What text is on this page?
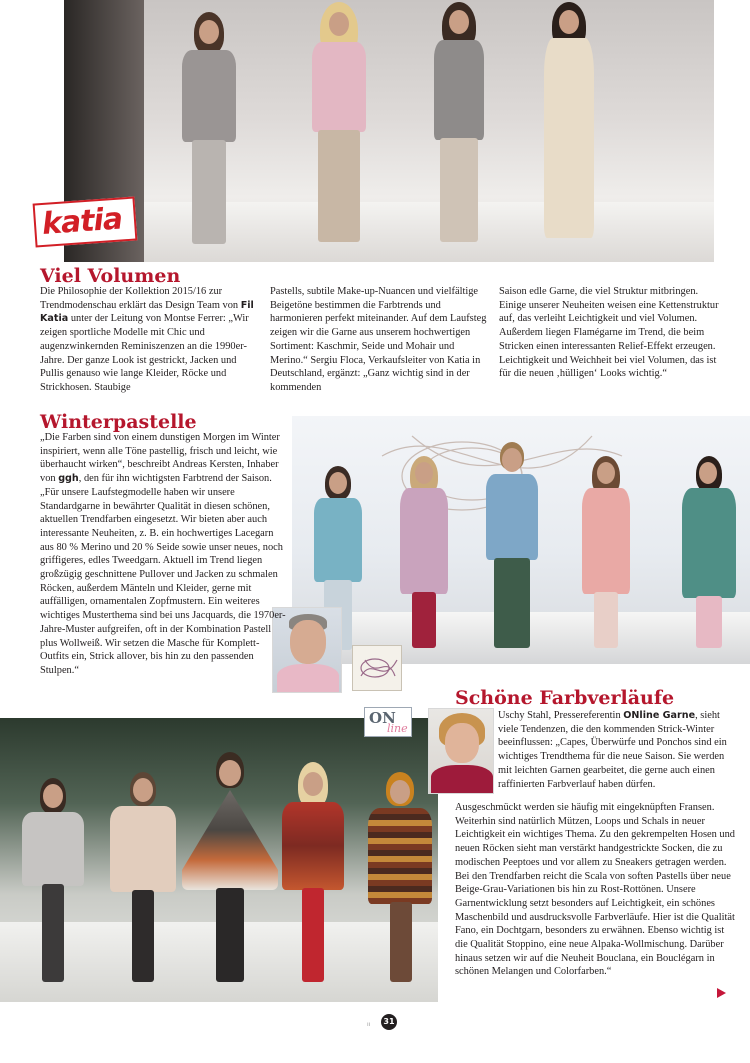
katia
Viel Volumen

Die Philosophie der Kollektion 2015/16 zur Trendmodenschau erklärt das Design Team von Fil Katia unter der Leitung von Montse Ferrer: „Wir zeigen sportliche Modelle mit Chic und augenzwinkernden Reminiszenzen an die 1990er-Jahre. Der ganze Look ist gestrickt, Jacken und Pullis genauso wie lange Kleider, Röcke und Strickhosen. Staubige

Pastells, subtile Make-up-Nuancen und vielfältige Beigetöne bestimmen die Farbtrends und harmonieren perfekt miteinander. Auf dem Laufsteg zeigen wir die Garne aus unserem hochwertigen Sortiment: Kaschmir, Seide und Mohair und Merino.“ Sergiu Floca, Verkaufsleiter von Katia in Deutschland, ergänzt: „Ganz wichtig sind in der kommenden

Saison edle Garne, die viel Struktur mitbringen. Einige unserer Neuheiten weisen eine Kettenstruktur auf, das verleiht Leichtigkeit und viel Volumen. Außerdem liegen Flamégarne im Trend, die beim Stricken einen interessanten Relief-Effekt erzeugen. Leichtigkeit und Weichheit bei viel Volumen, das ist für die neuen ‚hülligen‘ Looks wichtig.“

Winterpastelle

„Die Farben sind von einem dunstigen Morgen im Winter inspiriert, wenn alle Töne pastellig, frisch und leicht, wie überhaucht wirken“, beschreibt Andreas Kersten, Inhaber von ggh, den für ihn wichtigsten Farbtrend der Saison. „Für unsere Laufstegmodelle haben wir unsere Standardgarne in bewährter Qualität in diesen schönen, aktuellen Trendfarben eingesetzt. Wir bieten aber auch interessante Neuheiten, z. B. ein hochwertiges Lacegarn aus 80 % Merino und 20 % Seide sowie unser neues, noch griffigeres, edles Tweedgarn. Aktuell im Trend liegen großzügig geschnittene Pullover und Jacken zu schmalen Röcken, außerdem Mänteln und Kleider, gerne mit auffälligen, ornamentalen Zopfmustern. Ein weiteres wichtiges Musterthema sind bei uns Jacquards, die 1970er-Jahre-Muster aufgreifen, oft in der Kombination Pastell plus Wollweiß. Wir setzen die Masche für Komplett-Outfits ein, Strick allover, bis hin zu den passenden Stulpen.“

ON
line
Schöne Farbverläufe

Uschy Stahl, Pressereferentin ONline Garne, sieht viele Tendenzen, die den kommenden Strick-Winter beeinflussen: „Capes, Überwürfe und Ponchos sind ein wichtiges Trendthema für die neue Saison. Sie werden mit leichten Garnen gearbeitet, die gerne auch einen raffinierten Farbverlauf haben dürfen.

Ausgeschmückt werden sie häufig mit eingeknüpften Fransen. Weiterhin sind natürlich Mützen, Loops und Schals in neuer Leichtigkeit ein wichtiges Thema. Zu den gekrempelten Hosen und neuen Röcken sieht man verstärkt handgestrickte Socken, die zu modischen Peeptoes und vor allem zu Sneakers getragen werden. Bei den Trendfarben reicht die Scala von soften Pastells über neue Beige-Grau-Variationen bis hin zu Rost-Rottönen. Unsere Garnentwicklung setzt besonders auf Leichtigkeit, ein schönes Maschenbild und ausdrucksvolle Farbverläufe. Hier ist die Qualität Fano, ein Dochtgarn, besonders zu erwähnen. Ebenso wichtig ist die Qualität Stoppino, eine neue Alpaka-Wollmischung. Darüber hinaus setzen wir auf die Neuheit Bouclana, ein Bouclégarn in schönen Melangen und Colorfarben.“

ıı	31
